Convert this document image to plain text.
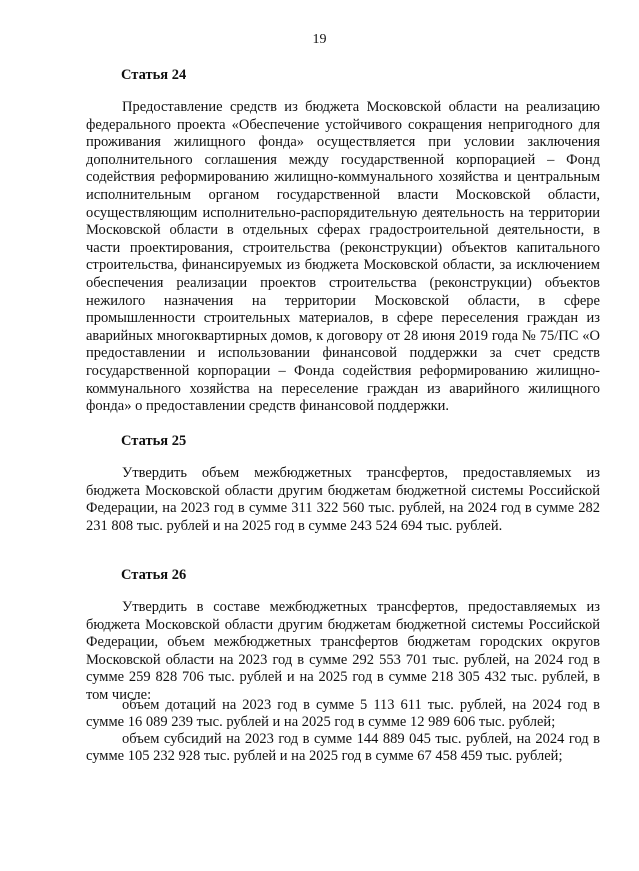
19
Статья 24

Предоставление средств из бюджета Московской области на реализацию федерального проекта «Обеспечение устойчивого сокращения непригодного для проживания жилищного фонда» осуществляется при условии заключения дополнительного соглашения между государственной корпорацией – Фонд содействия реформированию жилищно-коммунального хозяйства и центральным исполнительным органом государственной власти Московской области, осуществляющим исполнительно-распорядительную деятельность на территории Московской области в отдельных сферах градостроительной деятельности, в части проектирования, строительства (реконструкции) объектов капитального строительства, финансируемых из бюджета Московской области, за исключением обеспечения реализации проектов строительства (реконструкции) объектов нежилого назначения на территории Московской области, в сфере промышленности строительных материалов, в сфере переселения граждан из аварийных многоквартирных домов, к договору от 28 июня 2019 года № 75/ПС «О предоставлении и использовании финансовой поддержки за счет средств государственной корпорации – Фонда содействия реформированию жилищно-коммунального хозяйства на переселение граждан из аварийного жилищного фонда» о предоставлении средств финансовой поддержки.

Статья 25

Утвердить объем межбюджетных трансфертов, предоставляемых из бюджета Московской области другим бюджетам бюджетной системы Российской Федерации, на 2023 год в сумме 311 322 560 тыс. рублей, на 2024 год в сумме 282 231 808 тыс. рублей и на 2025 год в сумме 243 524 694 тыс. рублей.

Статья 26

Утвердить в составе межбюджетных трансфертов, предоставляемых из бюджета Московской области другим бюджетам бюджетной системы Российской Федерации, объем межбюджетных трансфертов бюджетам городских округов Московской области на 2023 год в сумме 292 553 701 тыс. рублей, на 2024 год в сумме 259 828 706 тыс. рублей и на 2025 год в сумме 218 305 432 тыс. рублей, в том числе:

объем дотаций на 2023 год в сумме 5 113 611 тыс. рублей, на 2024 год в сумме 16 089 239 тыс. рублей и на 2025 год в сумме 12 989 606 тыс. рублей;

объем субсидий на 2023 год в сумме 144 889 045 тыс. рублей, на 2024 год в сумме 105 232 928 тыс. рублей и на 2025 год в сумме 67 458 459 тыс. рублей;
